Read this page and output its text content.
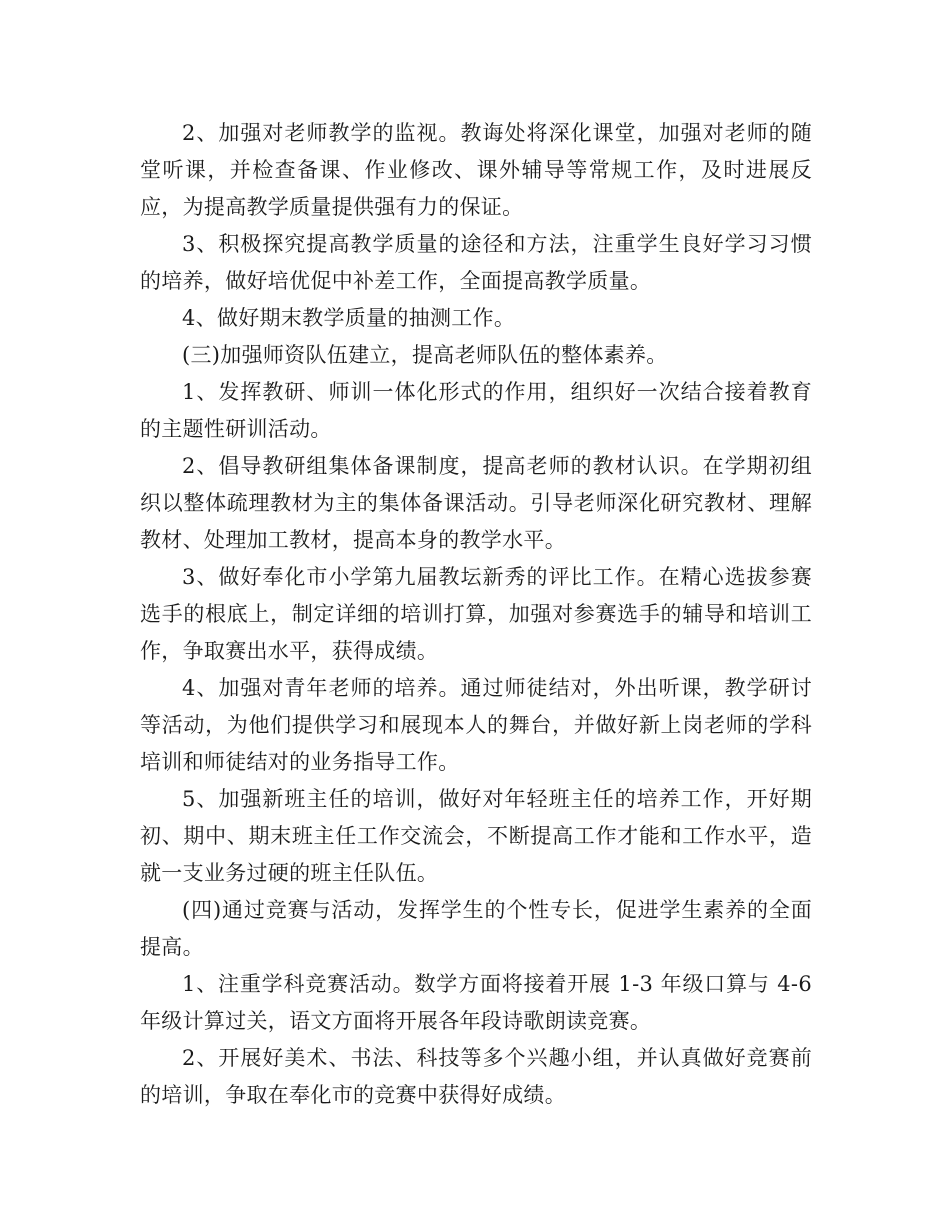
2、加强对老师教学的监视。教诲处将深化课堂，加强对老师的随堂听课，并检查备课、作业修改、课外辅导等常规工作，及时进展反应，为提高教学质量提供强有力的保证。

3、积极探究提高教学质量的途径和方法，注重学生良好学习习惯的培养，做好培优促中补差工作，全面提高教学质量。

4、做好期末教学质量的抽测工作。

(三)加强师资队伍建立，提高老师队伍的整体素养。

1、发挥教研、师训一体化形式的作用，组织好一次结合接着教育的主题性研训活动。

2、倡导教研组集体备课制度，提高老师的教材认识。在学期初组织以整体疏理教材为主的集体备课活动。引导老师深化研究教材、理解教材、处理加工教材，提高本身的教学水平。

3、做好奉化市小学第九届教坛新秀的评比工作。在精心选拔参赛选手的根底上，制定详细的培训打算，加强对参赛选手的辅导和培训工作，争取赛出水平，获得成绩。

4、加强对青年老师的培养。通过师徒结对，外出听课，教学研讨等活动，为他们提供学习和展现本人的舞台，并做好新上岗老师的学科培训和师徒结对的业务指导工作。

5、加强新班主任的培训，做好对年轻班主任的培养工作，开好期初、期中、期末班主任工作交流会，不断提高工作才能和工作水平，造就一支业务过硬的班主任队伍。

(四)通过竞赛与活动，发挥学生的个性专长，促进学生素养的全面提高。

1、注重学科竞赛活动。数学方面将接着开展 1-3 年级口算与 4-6 年级计算过关，语文方面将开展各年段诗歌朗读竞赛。

2、开展好美术、书法、科技等多个兴趣小组，并认真做好竞赛前的培训，争取在奉化市的竞赛中获得好成绩。
